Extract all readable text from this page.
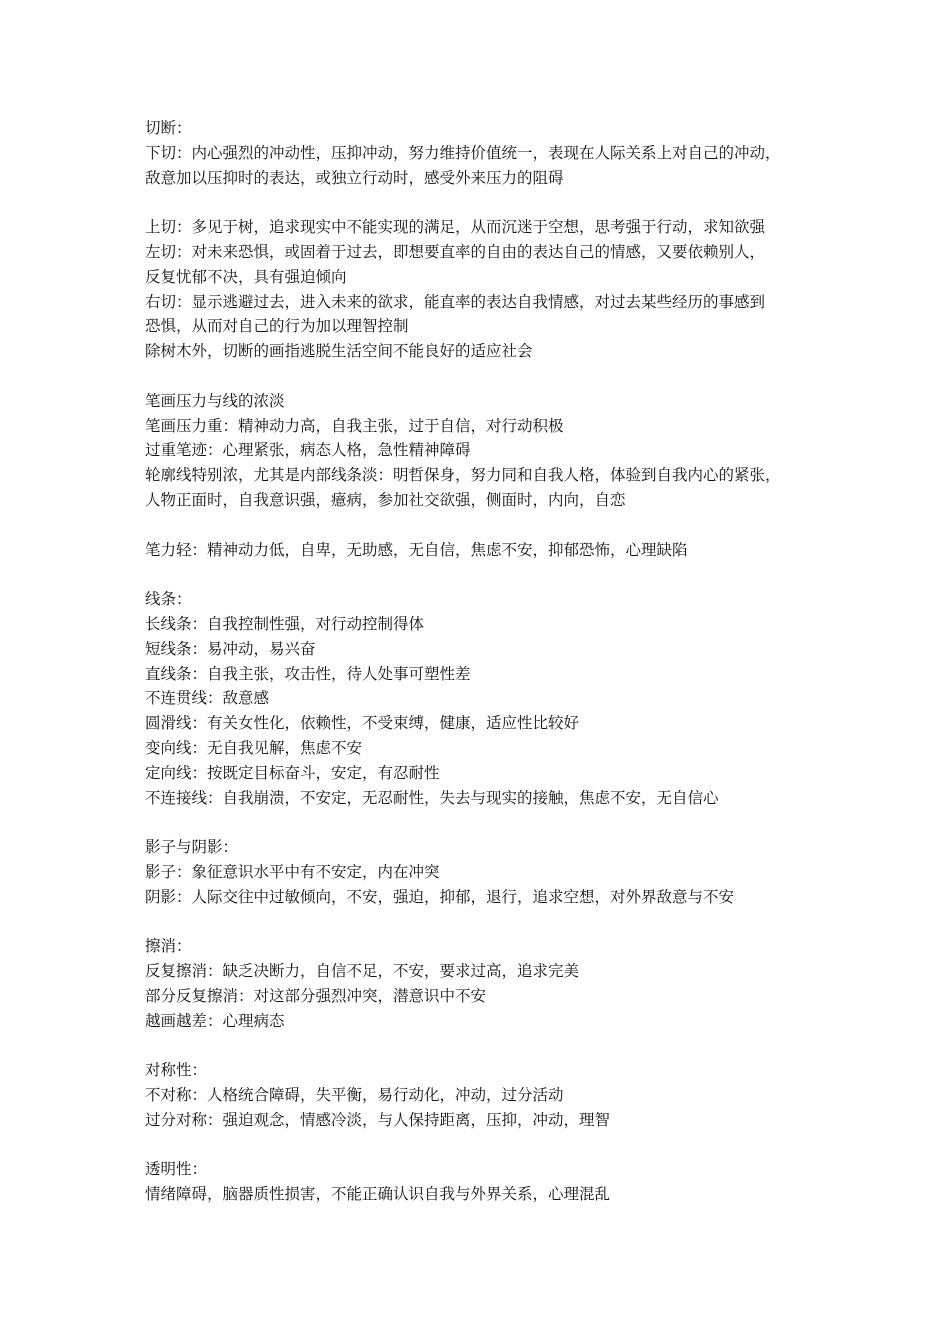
切断：
下切：内心强烈的冲动性，压抑冲动，努力维持价值统一，表现在人际关系上对自己的冲动，
敌意加以压抑时的表达，或独立行动时，感受外来压力的阻碍
上切：多见于树，追求现实中不能实现的满足，从而沉迷于空想，思考强于行动，求知欲强
左切：对未来恐惧，或固着于过去，即想要直率的自由的表达自己的情感，又要依赖别人，
反复忧郁不决，具有强迫倾向
右切：显示逃避过去，进入未来的欲求，能直率的表达自我情感，对过去某些经历的事感到
恐惧，从而对自己的行为加以理智控制
除树木外，切断的画指逃脱生活空间不能良好的适应社会
笔画压力与线的浓淡
笔画压力重：精神动力高，自我主张，过于自信，对行动积极
过重笔迹：心理紧张，病态人格，急性精神障碍
轮廓线特别浓，尤其是内部线条淡：明哲保身，努力同和自我人格，体验到自我内心的紧张，
人物正面时，自我意识强，癔病，参加社交欲强，侧面时，内向，自恋
笔力轻：精神动力低，自卑，无助感，无自信，焦虑不安，抑郁恐怖，心理缺陷
线条：
长线条：自我控制性强，对行动控制得体
短线条：易冲动，易兴奋
直线条：自我主张，攻击性，待人处事可塑性差
不连贯线：敌意感
圆滑线：有关女性化，依赖性，不受束缚，健康，适应性比较好
变向线：无自我见解，焦虑不安
定向线：按既定目标奋斗，安定，有忍耐性
不连接线：自我崩溃，不安定，无忍耐性，失去与现实的接触，焦虑不安，无自信心
影子与阴影：
影子：象征意识水平中有不安定，内在冲突
阴影：人际交往中过敏倾向，不安，强迫，抑郁，退行，追求空想，对外界敌意与不安
擦消：
反复擦消：缺乏决断力，自信不足，不安，要求过高，追求完美
部分反复擦消：对这部分强烈冲突，潜意识中不安
越画越差：心理病态
对称性：
不对称：人格统合障碍，失平衡，易行动化，冲动，过分活动
过分对称：强迫观念，情感冷淡，与人保持距离，压抑，冲动，理智
透明性：
情绪障碍，脑器质性损害，不能正确认识自我与外界关系，心理混乱
